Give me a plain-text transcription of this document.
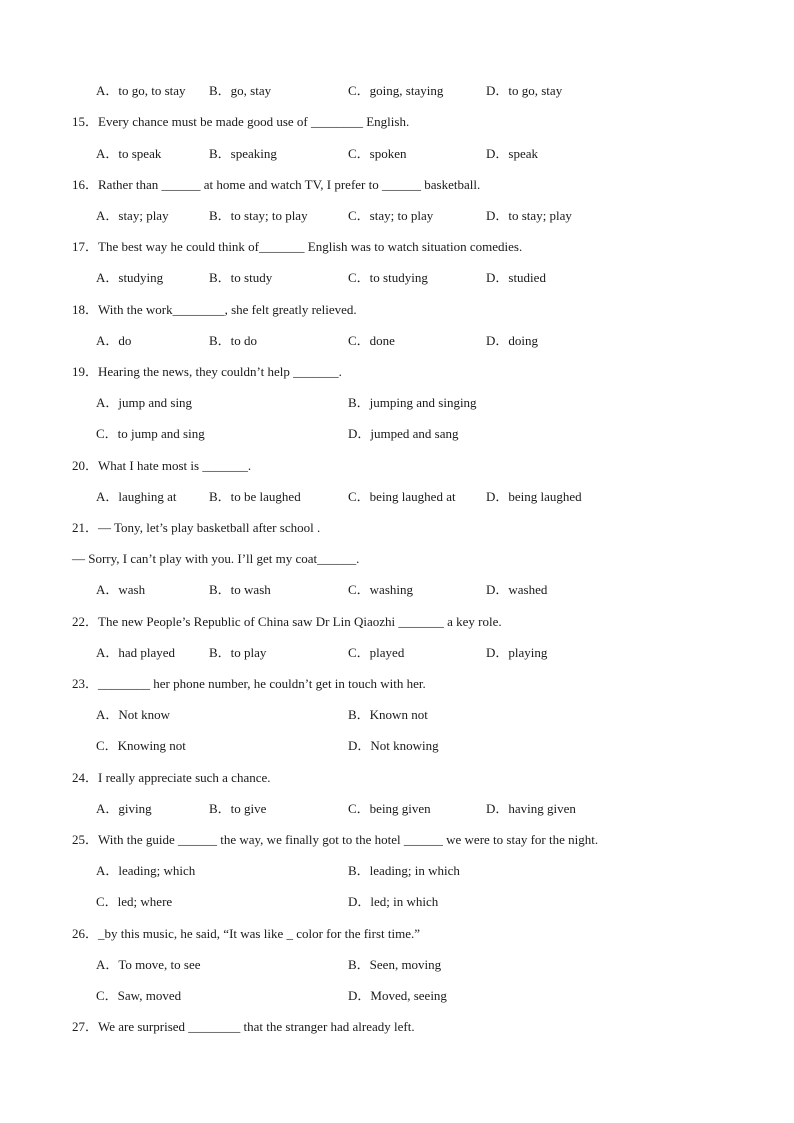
A．to go, to stay B．go, stay	C．going, staying	D．to go, stay
15．Every chance must be made good use of ________ English.
A．to speak	B．speaking	C．spoken	D．speak
16．Rather than ______ at home and watch TV, I prefer to ______ basketball.
A．stay; play	B．to stay; to play	C．stay; to play	D．to stay; play
17．The best way he could think of_______ English was to watch situation comedies.
A．studying	B．to study	C．to studying	D．studied
18．With the work________, she felt greatly relieved.
A．do	B．to do	C．done	D．doing
19．Hearing the news, they couldn’t help _______.
A．jump and sing	B．jumping and singing
C．to jump and sing	D．jumped and sang
20．What I hate most is _______.
A．laughing at B．to be laughed	C．being laughed at D．being laughed
21．— Tony, let’s play basketball after school .
— Sorry, I can’t play with you. I’ll get my coat______.
A．wash	B．to wash	C．washing	D．washed
22．The new People’s Republic of China saw Dr Lin Qiaozhi _______ a key role.
A．had played	B．to play	C．played	D．playing
23．________ her phone number, he couldn’t get in touch with her.
A．Not know	B．Known not
C．Knowing not	D．Not knowing
24．I really appreciate such a chance.
A．giving	B．to give	C．being given	D．having given
25．With the guide ______ the way, we finally got to the hotel ______ we were to stay for the night.
A．leading; which	B．leading; in which
C．led; where	D．led; in which
26．_by this music, he said, “It was like _ color for the first time.”
A．To move, to see	B．Seen, moving
C．Saw, moved	D．Moved, seeing
27．We are surprised ________ that the stranger had already left.
